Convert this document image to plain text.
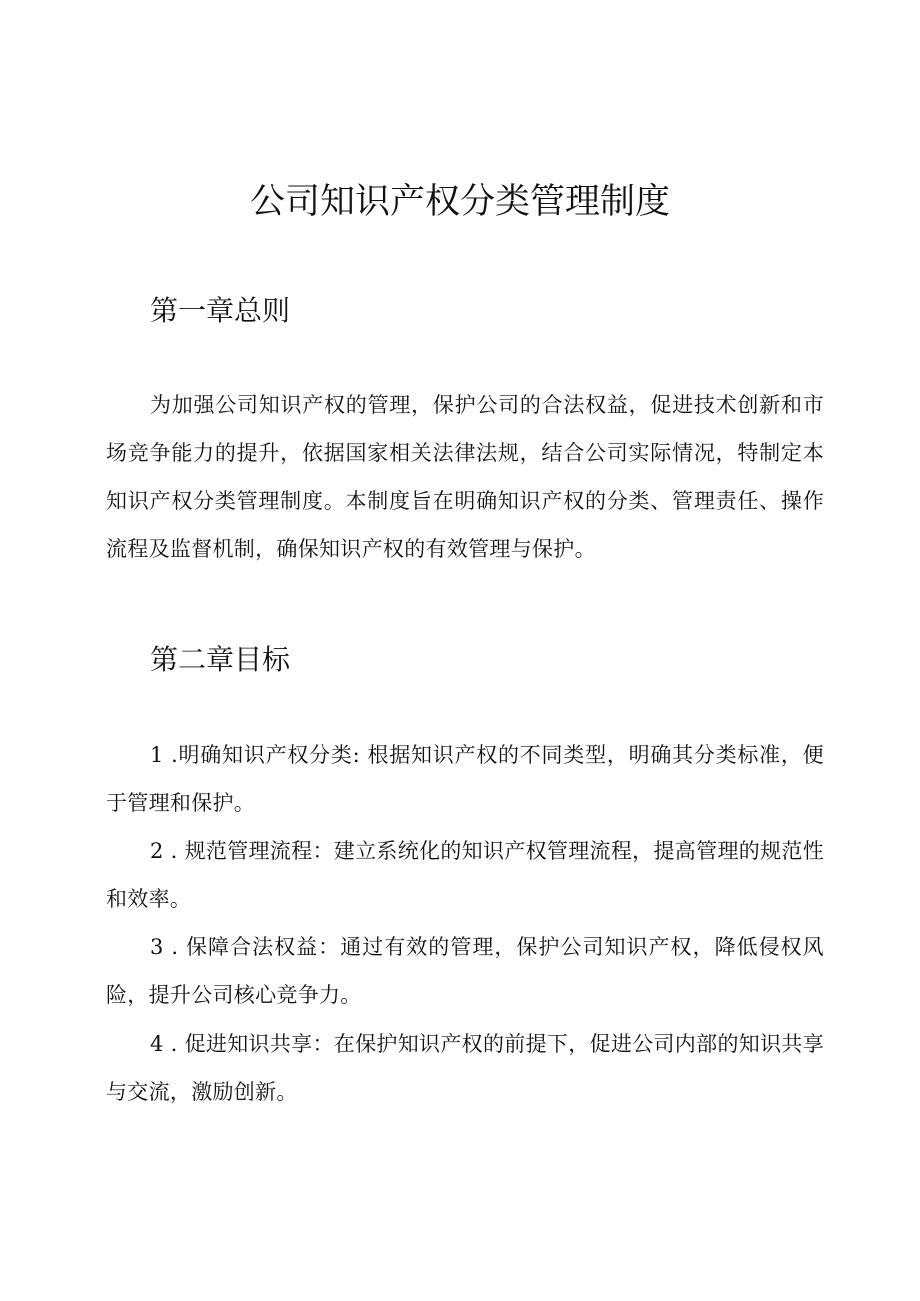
公司知识产权分类管理制度
第一章总则

为加强公司知识产权的管理，保护公司的合法权益，促进技术创新和市场竞争能力的提升，依据国家相关法律法规，结合公司实际情况，特制定本知识产权分类管理制度。本制度旨在明确知识产权的分类、管理责任、操作流程及监督机制，确保知识产权的有效管理与保护。

第二章目标

1 .明确知识产权分类: 根据知识产权的不同类型，明确其分类标准，便于管理和保护。

2 . 规范管理流程：建立系统化的知识产权管理流程，提高管理的规范性和效率。

3 . 保障合法权益：通过有效的管理，保护公司知识产权，降低侵权风险，提升公司核心竞争力。

4 . 促进知识共享：在保护知识产权的前提下，促进公司内部的知识共享与交流，激励创新。
